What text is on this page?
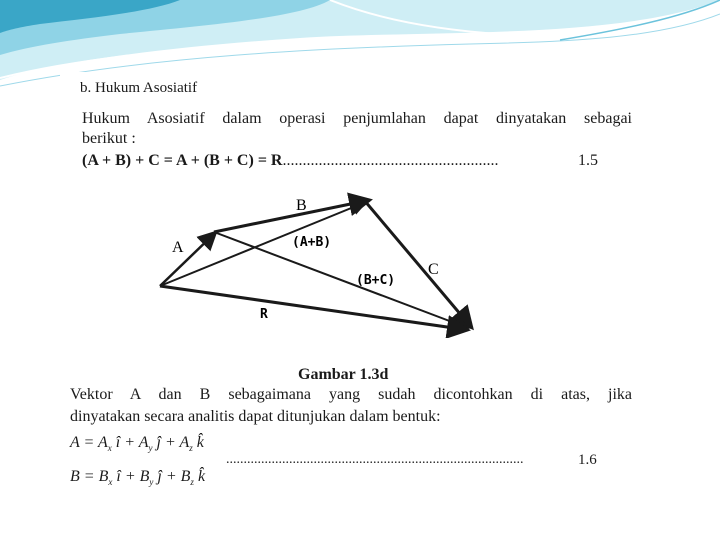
b. Hukum Asosiatif
Hukum Asosiatif dalam operasi penjumlahan dapat dinyatakan sebagai
berikut :
(A + B) + C = A + (B + C) = R......................................................	1.5
A
B
C
R
(A+B)
(B+C)
Gambar 1.3d
Vektor A dan B sebagaimana yang sudah dicontohkan di atas, jika
dinyatakan secara analitis dapat ditunjukan dalam bentuk:
$A = A_x$ î + $A_y$ ĵ + $A_z$ k̂
.....................................................................................	1.6
$B = B_x$ î + $B_y$ ĵ + $B_z$ k̂
